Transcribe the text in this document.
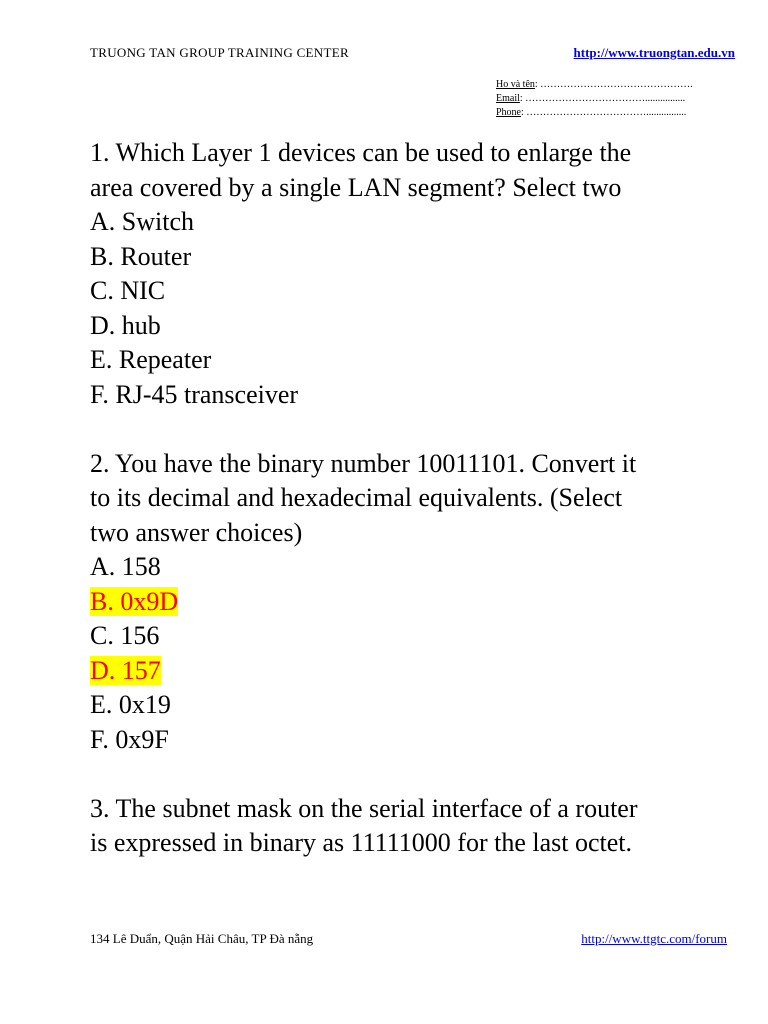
TRUONG TAN GROUP TRAINING CENTER	http://www.truongtan.edu.vn
Ho và tên: ……………………………………….
Email: ………………………………................
Phone: ………………………………................
1. Which Layer 1 devices can be used to enlarge the
area covered by a single LAN segment? Select two
A. Switch
B. Router
C. NIC
D. hub
E. Repeater
F. RJ-45 transceiver
2. You have the binary number 10011101. Convert it
to its decimal and hexadecimal equivalents. (Select
two answer choices)
A. 158
B. 0x9D
C. 156
D. 157
E. 0x19
F. 0x9F
3. The subnet mask on the serial interface of a router
is expressed in binary as 11111000 for the last octet.
134 Lê Duẩn, Quận Hải Châu, TP Đà nẵng	http://www.ttgtc.com/forum
